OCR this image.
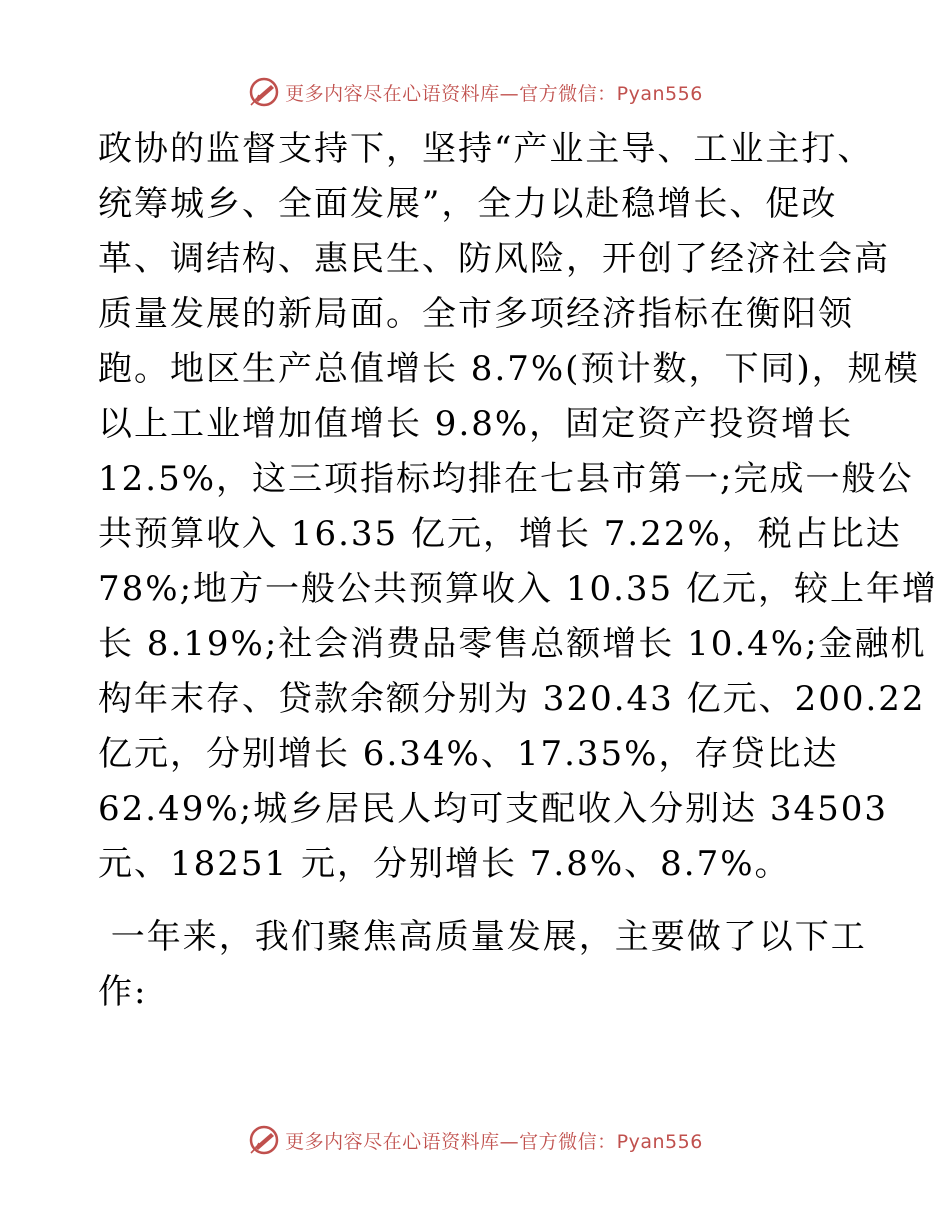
更多内容尽在心语资料库—官方微信：Pyan556
政协的监督支持下，坚持“产业主导、工业主打、
统筹城乡、全面发展”，全力以赴稳增长、促改
革、调结构、惠民生、防风险，开创了经济社会高
质量发展的新局面。全市多项经济指标在衡阳领
跑。地区生产总值增长 8.7%(预计数，下同)，规模
以上工业增加值增长 9.8%，固定资产投资增长
12.5%，这三项指标均排在七县市第一;完成一般公
共预算收入 16.35 亿元，增长 7.22%，税占比达
78%;地方一般公共预算收入 10.35 亿元，较上年增
长 8.19%;社会消费品零售总额增长 10.4%;金融机
构年末存、贷款余额分别为 320.43 亿元、200.22
亿元，分别增长 6.34%、17.35%，存贷比达
62.49%;城乡居民人均可支配收入分别达 34503
元、18251 元，分别增长 7.8%、8.7%。
一年来，我们聚焦高质量发展，主要做了以下工
作:
更多内容尽在心语资料库—官方微信：Pyan556
